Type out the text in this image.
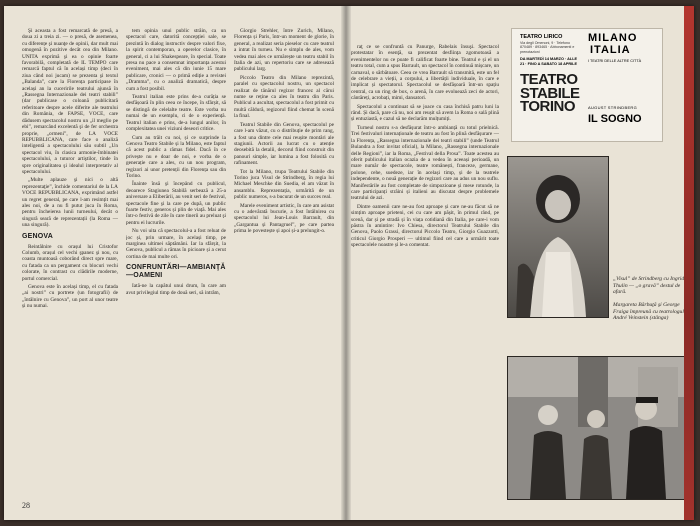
Şi aceasta a fost remarcată de presă, a doua zi a treia zi. — o presă, de asemenea, cu diferențe şi nuanţe de opinii, dar mult mai omogenă în pozitive decât cea din Milano. UNITA exprimă şi ea o opinie foarte favorabilă, completată de IL TEMPO care remarcă faptul că în același timp (deci în ziua când noi jucam) se prezenta şi textul „Balanda”, care la Florența participase în același an la cuceririle teatrului ajunsă în „Rassegna Internazionale dei teatri stabili” (dar publicase o coloană publicitară referitoare despre acele diferite ale teatrului din România, de FAPSE, VOCE, care dădusem spectacolul nostru un „il meglio pe ebi”, remarcând excelentă şi de fer orchestra proprie, „ormeni”, de LA VOCE REPUBBLICANA, care face o analiză inteligentă a spectacolului său subtil „Un spectacol viu, în clasica armonie-îmbinatei spectacolului, a tuturor artiştilor, tinde în spre originalitatea şi idealul interpretativ al spectacolului.

„Multe aplauze şi nici o altă reprezentaţie”, închide comentariul de la LA VOCE REPUBBLICANA, exprimând astfel un regret general, pe care l-am resimțit mai ales noi, de a nu fi putut juca în Roma, pentru încheierea lunii turneului, decât o singură seară de reprezentații (la Roma — una singură).

GENOVA

Reintâlnire cu orașul lui Cristofor Columb, orașul cel vechi şpanez şi nou, cu coasta muntoasă coborând direct spre mare, cu fatada ca un pergament cu blocuri vechi colorate, în contrast cu clădirile moderne, portul comercial.

Genova este în același timp, el cu fatada „ai nostri” cu portrete (un fotografii) de „întâlnire cu Genova”, un port al unor teatre și nu numai.

tem opinia unui public străin, ca un spectacol care, datorită concepției sale, se prezintă în dialog instructiv despre valori fixe, la spirit contemporan, a operelor clasice, în general, ci a lui Shakespeare, în special. Toate presa nu pace a consemnat importanța acestui eveniment, mai ales că din iunie 15 mare publicare, cronici — o primă ediție a revistei „Dramma”, cu o analiză dramatică, despre cum a fost posibil.

Teatrul italian este prins de-a curăția se desfășoară în plin ceea ce începe, în sfârșit, să se distingă de celelalte teatre. Este vorba nu numai de un exemplu, ci de o experiență. Teatrul italian e prins, de-a lungul anilor, în complexitatea unei viziuni deseori critice.

Cum au trăit cu noi, și ce surprinde la Genova Teatro Stabile și la Milano, este faptul că acest public a rămas fidel. Dacă în ce privește nu e doar de noi, e vorba de o generație care a ales, cu un nou program, regizori ai unor pretenții din Florența sau din Torino.

Înainte însă şi începând cu publicul, deoarece Stagiunea Stabilă serbează a 25-a aniversare a Eliberării, au venit seri de festival, spectacole fine şi la care pe după, un public foarte festiv, generos și plin de viață. Mai ales într-o festivă de zile în care tinerii au preluat şi pentru ei lucrurile.

Nu voi uita că spectacolul-a a fost reluat de joc și, prin urmare, în același timp, pe marginea ultimei săptămâni. Iar la sfârșit, la Genova, publicul a rămas în picioare și a cerut cortina de mai multe ori.

CONFRUNTĂRI—AMBIANŢĂ —OAMENI

Iată-ne la capătul unui drum, în care am avut privilegiul timp de două seri, să intrăm,

Giorgio Strehler, între Zurich, Milano, Florența și Paris, într-un moment de glorie, în general, a realizat seria pieselor cu care teatrul a intrat în turneu. Nu e simplu de ales, vom vedea mai ales ce urmărește un teatru stabil în Italia de azi, un repertoriu care se adresează publicului larg.

Piccolo Teatro din Milano reprezintă, paralel cu spectacolul nostru, un spectacol realizat de tânărul regizor francez al cărui nume se reține ca ales în teatru din Paris. Publicul a ascultat, spectacolul a fost primit cu multă căldură, regizorul fiind chemat în scenă la final.

Teatrul Stabile din Genova, spectacolul pe care l-am văzut, cu o distribuție de prim rang, a fost una dintre cele mai reușite montări ale stagiunii. Actorii au lucrat cu o atenție deosebită la detalii, decorul fiind construit din panouri simple, iar lumina a fost folosită cu rafinament.

Tot la Milano, trupa Teatrului Stabile din Torino juca Visul de Strindberg, în regia lui Michael Meschke din Suedia, el am văzut în ansamblu. Reprezentația, urmărită de un public numeros, s-a bucurat de un succes real.

Marele eveniment artistic, în care am asistat cu o adevărată bucurie, a fost întâlnirea cu spectacolul lui Jean-Louis Barrault, din „Gargantua și Pantagruel”, pe care partea prima le povestește și apoi și-a prelungit-o.

28

raţ ce se confruntă cu Panurge, Rabelais însuşi. Spectacol protestatar în esenţă, sa prezentat desființa zgomotoasă a evenimentelor nu ce poate fi calificat foarte bine. Teatrul e și el un teatru total, cum a spus Barrault, un spectacol în continuă mișcare, un carnaval, o sărbătoare. Ceea ce vrea Barrault să transmită, este un fel de celebrare a vieții, a corpului, a libertății individuale, în care e implicat și spectatorul. Spectacolul se desfășoară într-un spațiu central, ca un ring de box, o arenă, în care evoluează zeci de actori, cântăreți, acrobați, mimi, dansatori.

Spectacolul a continuat să se joace cu casa închisă patru luni la rând. Și dacă, pare că nu, noi am reușit să avem la Roma o sală plină și entuziastă, e cazul să ne declarăm mulțumiți.

Turneul nostru s-a desfășurat într-o ambianță cu totul prielnică. Trei festivaluri internaționale de teatru au fost în plină desfășurare — la Florența, „Rassegna internazionale dei teatri stabili” (unde Teatrul Bulandra a fost invitat oficial), la Milano, „Rassegna internazionale delle Regioni”, iar la Roma, „Festival della Prosa”. Toate acestea au oferit publicului italian ocazia de a vedea în aceeași perioadă, un mare număr de spectacole, teatre românești, franceze, germane, polone, cehe, suedeze, iar în același timp, și de la teatrele independente, o nouă generație de regizori care au adus un nou suflu. Manifestările au fost completate de simpozioane și mese rotunde, la care participanți străini și italieni au discutat despre problemele teatrului de azi.

Dintre oamenii care ne-au fost aproape și care ne-au făcut să ne simțim aproape prieteni, cei cu care am pășit, în primul rând, pe scenă, dar și pe stradă și în viața cotidiană din Italia, pe care-i vom păstra în amintire: Ivo Chiesa, directorul Teatrului Stabile din Genova, Paolo Grassi, directorul Piccolo Teatro, Giorgio Guazzotti, criticul Giorgio Prosperi — ultimul fiind cel care a urmărit toate spectacolele noastre și le-a comentat.

TEATRO LIRICO
Via degli Omenoni, 9 · Telefono 870489 · 893465 · Abbonamenti e prenotazioni
DA MARTEDÌ 14 MARZO · ALLE 21 · FINO A SABATO 18 APRILE
MILANO
ITALIA
I TEATRI DELLE ALTRE CITTÀ
TEATRO
STABILE
TORINO	AUGUST STRINDBERG
IL SOGNO
„Visul” de Strindberg cu Ingrid Thulin — „o gravă” destul de afară.
Margareta Bărbuţă şi George Fraiga împreună cu teatrologul André Veinstein (stânga)
